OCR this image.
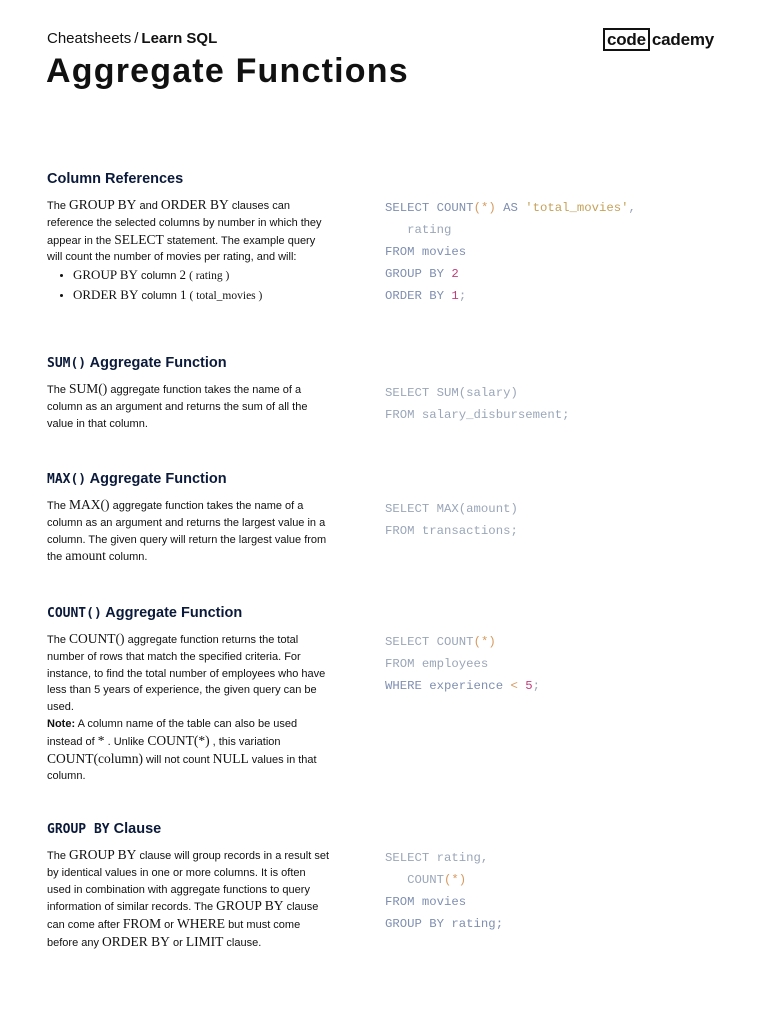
Cheatsheets / Learn SQL	code cademy
Aggregate Functions
Column References
The GROUP BY and ORDER BY clauses can reference the selected columns by number in which they appear in the SELECT statement. The example query will count the number of movies per rating, and will:
• GROUP BY column 2 ( rating )
• ORDER BY column 1 ( total_movies )
SELECT COUNT(*) AS 'total_movies',
rating
FROM movies
GROUP BY 2
ORDER BY 1;
SUM() Aggregate Function
The SUM() aggregate function takes the name of a column as an argument and returns the sum of all the value in that column.
SELECT SUM(salary)
FROM salary_disbursement;
MAX() Aggregate Function
The MAX() aggregate function takes the name of a column as an argument and returns the largest value in a column. The given query will return the largest value from the amount column.
SELECT MAX(amount)
FROM transactions;
COUNT() Aggregate Function
The COUNT() aggregate function returns the total number of rows that match the specified criteria. For instance, to find the total number of employees who have less than 5 years of experience, the given query can be used.
Note: A column name of the table can also be used instead of * . Unlike COUNT(*) , this variation COUNT(column) will not count NULL values in that column.
SELECT COUNT(*)
FROM employees
WHERE experience < 5;
GROUP BY Clause
The GROUP BY clause will group records in a result set by identical values in one or more columns. It is often used in combination with aggregate functions to query information of similar records. The GROUP BY clause can come after FROM or WHERE but must come before any ORDER BY or LIMIT clause.
SELECT rating,
COUNT(*)
FROM movies
GROUP BY rating;
